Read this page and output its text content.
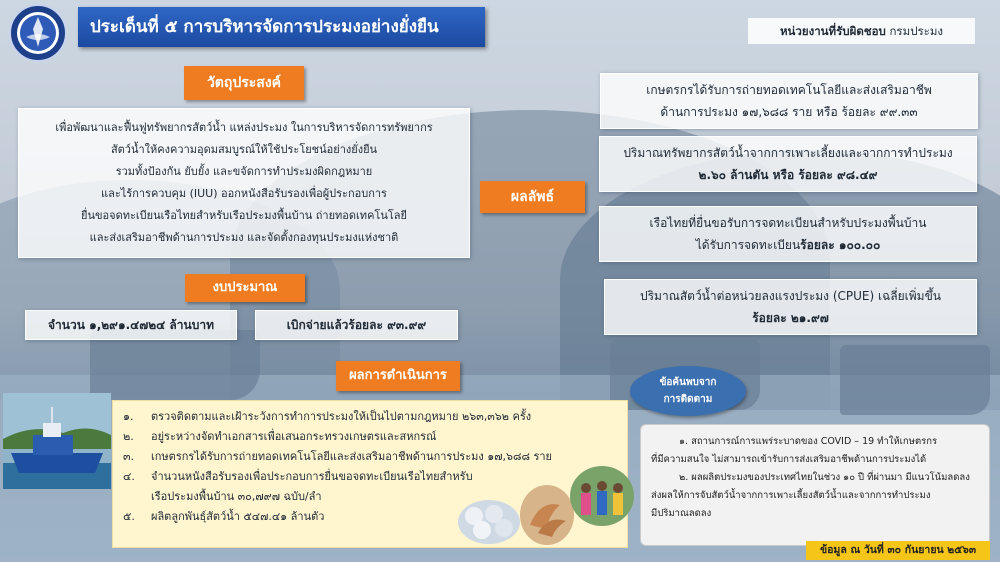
ประเด็นที่ ๕ การบริหารจัดการประมงอย่างยั่งยืน	หน่วยงานที่รับผิดชอบ กรมประมง
วัตถุประสงค์
เพื่อพัฒนาและฟื้นฟูทรัพยากรสัตว์น้ำ แหล่งประมง ในการบริหารจัดการทรัพยากร
สัตว์น้ำให้คงความอุดมสมบูรณ์ให้ใช้ประโยชน์อย่างยั่งยืน
รวมทั้งป้องกัน ยับยั้ง และขจัดการทำประมงผิดกฎหมาย
และไร้การควบคุม (IUU) ออกหนังสือรับรองเพื่อผู้ประกอบการ
ยื่นขอจดทะเบียนเรือไทยสำหรับเรือประมงพื้นบ้าน ถ่ายทอดเทคโนโลยี
และส่งเสริมอาชีพด้านการประมง และจัดตั้งกองทุนประมงแห่งชาติ
งบประมาณ
จำนวน ๑,๒๙๑.๔๗๒๔ ล้านบาท	เบิกจ่ายแล้วร้อยละ ๙๓.๙๙
ผลการดำเนินการ
๑.	ตรวจติดตามและเฝ้าระวังการทำการประมงให้เป็นไปตามกฎหมาย ๒๖๓,๓๖๒ ครั้ง
๒.	อยู่ระหว่างจัดทำเอกสารเพื่อเสนอกระทรวงเกษตรและสหกรณ์
๓.	เกษตรกรได้รับการถ่ายทอดเทคโนโลยีและส่งเสริมอาชีพด้านการประมง ๑๗,๖๘๘ ราย
๔.	จำนวนหนังสือรับรองเพื่อประกอบการยื่นขอจดทะเบียนเรือไทยสำหรับ
เรือประมงพื้นบ้าน ๓๐,๗๙๗ ฉบับ/ลำ
๕.	ผลิตลูกพันธุ์สัตว์น้ำ ๕๔๗.๔๑ ล้านตัว
ผลลัพธ์

เกษตรกรได้รับการถ่ายทอดเทคโนโลยีและส่งเสริมอาชีพ

ด้านการประมง ๑๗,๖๘๘ ราย หรือ ร้อยละ ๙๙.๓๓

ปริมาณทรัพยากรสัตว์น้ำจากการเพาะเลี้ยงและจากการทำประมง

๒.๖๐ ล้านตัน หรือ ร้อยละ ๙๘.๔๙

เรือไทยที่ยื่นขอรับการจดทะเบียนสำหรับประมงพื้นบ้าน

ได้รับการจดทะเบียนร้อยละ ๑๐๐.๐๐

ปริมาณสัตว์น้ำต่อหน่วยลงแรงประมง (CPUE) เฉลี่ยเพิ่มขึ้น

ร้อยละ ๒๑.๙๗

ข้อค้นพบจาก
การติดตาม

๑. สถานการณ์การแพร่ระบาดของ COVID – 19 ทำให้เกษตรกร

ที่มีความสนใจ ไม่สามารถเข้ารับการส่งเสริมอาชีพด้านการประมงได้

๒. ผลผลิตประมงของประเทศไทยในช่วง ๑๐ ปี ที่ผ่านมา มีแนวโน้มลดลง

ส่งผลให้การจับสัตว์น้ำจากการเพาะเลี้ยงสัตว์น้ำและจากการทำประมง

มีปริมาณลดลง

ข้อมูล ณ วันที่ ๓๐ กันยายน ๒๕๖๓
